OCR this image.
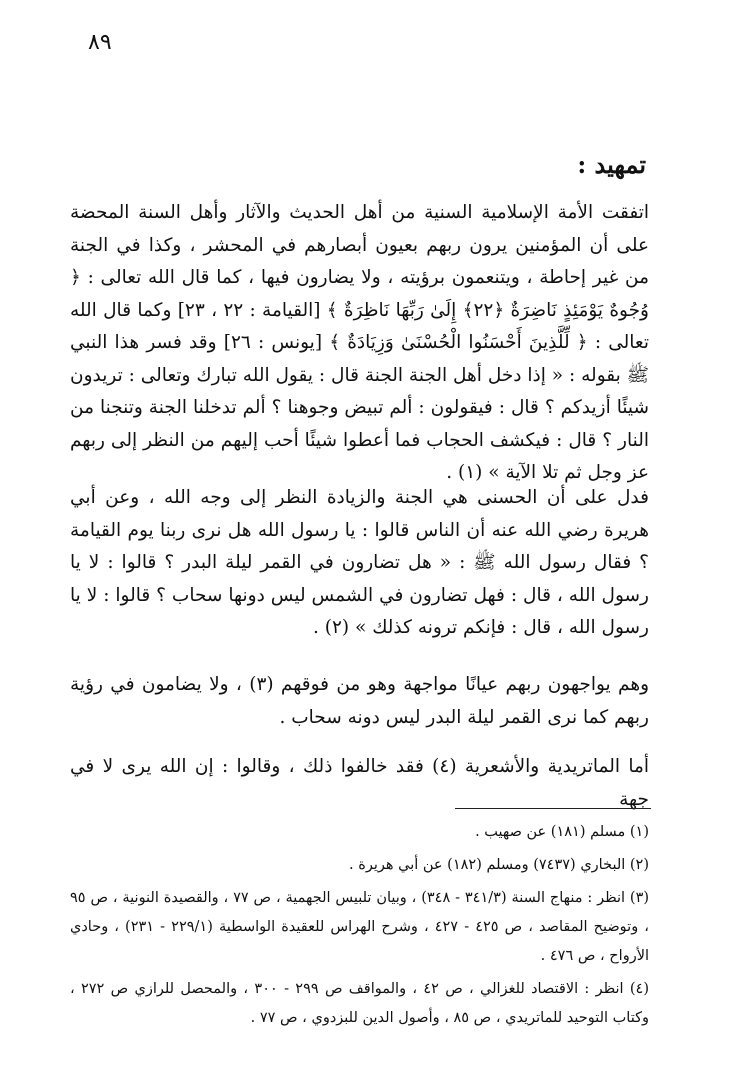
٨٩
تمهيد :

اتفقت الأمة الإسلامية السنية من أهل الحديث والآثار وأهل السنة المحضة على أن المؤمنين يرون ربهم بعيون أبصارهم في المحشر ، وكذا في الجنة من غير إحاطة ، ويتنعمون برؤيته ، ولا يضارون فيها ، كما قال الله تعالى : ﴿ وُجُوهٌ يَوْمَئِذٍ نَاضِرَةٌ ﴿٢٢﴾ إِلَىٰ رَبِّهَا نَاظِرَةٌ ﴾ [القيامة : ٢٢ ، ٢٣] وكما قال الله تعالى : ﴿ لِّلَّذِينَ أَحْسَنُوا الْحُسْنَىٰ وَزِيَادَةٌ ﴾ [يونس : ٢٦] وقد فسر هذا النبي ﷺ بقوله : « إذا دخل أهل الجنة الجنة قال : يقول الله تبارك وتعالى : تريدون شيئًا أزيدكم ؟ قال : فيقولون : ألم تبيض وجوهنا ؟ ألم تدخلنا الجنة وتنجنا من النار ؟ قال : فيكشف الحجاب فما أعطوا شيئًا أحب إليهم من النظر إلى ربهم عز وجل ثم تلا الآية » (١) .

فدل على أن الحسنى هي الجنة والزيادة النظر إلى وجه الله ، وعن أبي هريرة رضي الله عنه أن الناس قالوا : يا رسول الله هل نرى ربنا يوم القيامة ؟ فقال رسول الله ﷺ : « هل تضارون في القمر ليلة البدر ؟ قالوا : لا يا رسول الله ، قال : فهل تضارون في الشمس ليس دونها سحاب ؟ قالوا : لا يا رسول الله ، قال : فإنكم ترونه كذلك » (٢) .

وهم يواجهون ربهم عيانًا مواجهة وهو من فوقهم (٣) ، ولا يضامون في رؤية ربهم كما نرى القمر ليلة البدر ليس دونه سحاب .

أما الماتريدية والأشعرية (٤) فقد خالفوا ذلك ، وقالوا : إن الله يرى لا في جهة

(١) مسلم (١٨١) عن صهيب .

(٢) البخاري (٧٤٣٧) ومسلم (١٨٢) عن أبي هريرة .

(٣) انظر : منهاج السنة (٣٤١/٣ - ٣٤٨) ، وبيان تلبيس الجهمية ، ص ٧٧ ، والقصيدة النونية ، ص ٩٥ ، وتوضيح المقاصد ، ص ٤٢٥ - ٤٢٧ ، وشرح الهراس للعقيدة الواسطية (٢٢٩/١ - ٢٣١) ، وحادي الأرواح ، ص ٤٧٦ .

(٤) انظر : الاقتصاد للغزالي ، ص ٤٢ ، والمواقف ص ٢٩٩ - ٣٠٠ ، والمحصل للرازي ص ٢٧٢ ، وكتاب التوحيد للماتريدي ، ص ٨٥ ، وأصول الدين للبزدوي ، ص ٧٧ .
